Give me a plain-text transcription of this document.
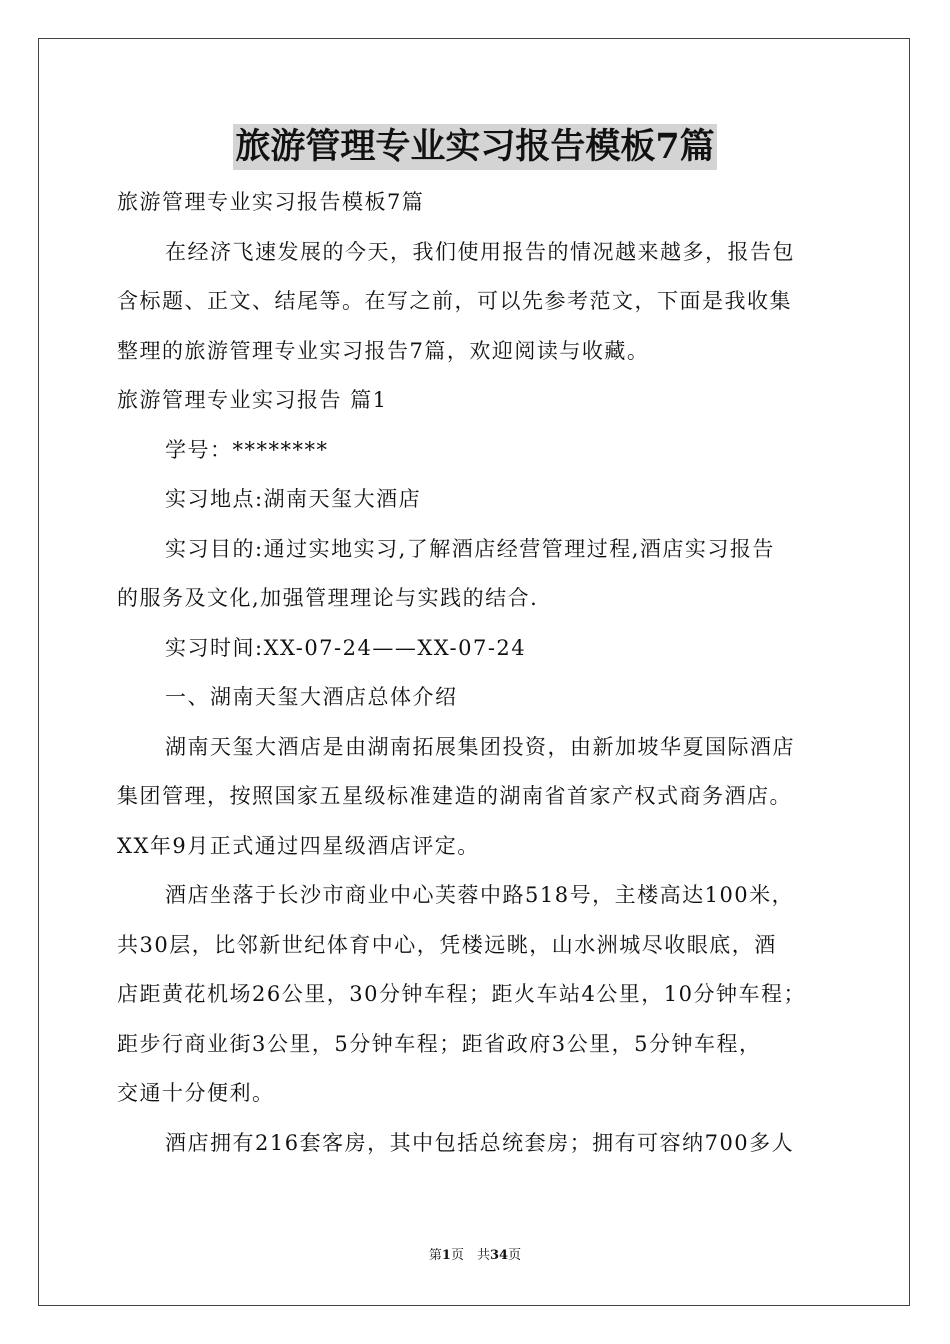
旅游管理专业实习报告模板7篇
旅游管理专业实习报告模板7篇
在经济飞速发展的今天，我们使用报告的情况越来越多，报告包
含标题、正文、结尾等。在写之前，可以先参考范文，下面是我收集
整理的旅游管理专业实习报告7篇，欢迎阅读与收藏。
旅游管理专业实习报告 篇1
学号：********
实习地点:湖南天玺大酒店
实习目的:通过实地实习,了解酒店经营管理过程,酒店实习报告
的服务及文化,加强管理理论与实践的结合.
实习时间:XX-07-24——XX-07-24
一、湖南天玺大酒店总体介绍
湖南天玺大酒店是由湖南拓展集团投资，由新加坡华夏国际酒店
集团管理，按照国家五星级标准建造的湖南省首家产权式商务酒店。
XX年9月正式通过四星级酒店评定。
酒店坐落于长沙市商业中心芙蓉中路518号，主楼高达100米，
共30层，比邻新世纪体育中心，凭楼远眺，山水洲城尽收眼底，酒
店距黄花机场26公里，30分钟车程；距火车站4公里，10分钟车程；
距步行商业街3公里，5分钟车程；距省政府3公里，5分钟车程，
交通十分便利。
酒店拥有216套客房，其中包括总统套房；拥有可容纳700多人
第1页　共34页
